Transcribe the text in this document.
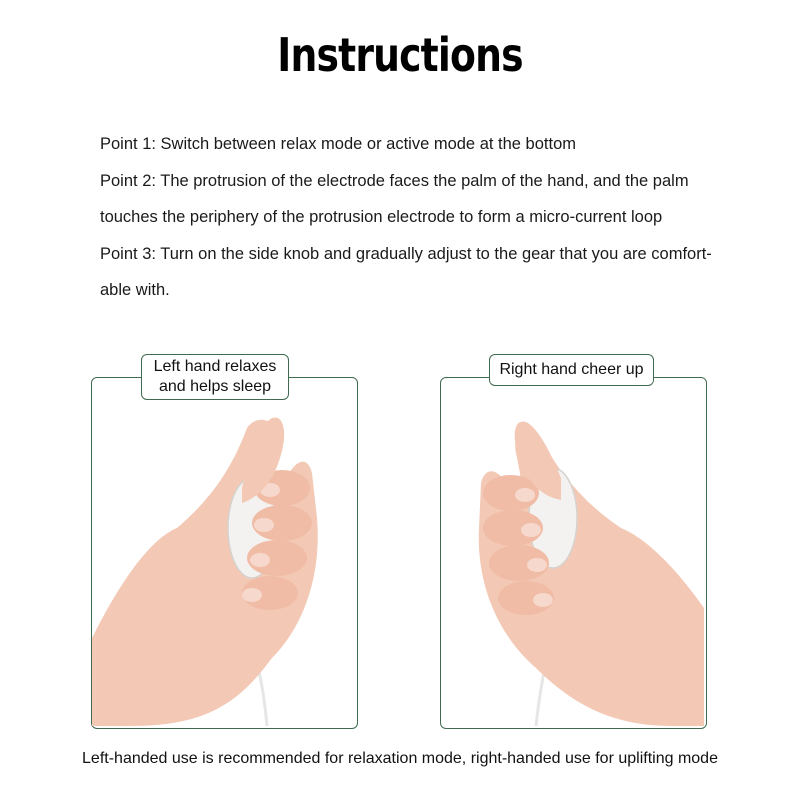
Instructions

Point 1: Switch between relax mode or active mode at the bottom

Point 2: The protrusion of the electrode faces the palm of the hand, and the palm

touches the periphery of the protrusion electrode to form a micro-current loop

Point 3: Turn on the side knob and gradually adjust to the gear that you are comfort-

able with.

Left hand relaxes
and helps sleep
Right hand cheer up
Left-handed use is recommended for relaxation mode, right-handed use for uplifting mode
